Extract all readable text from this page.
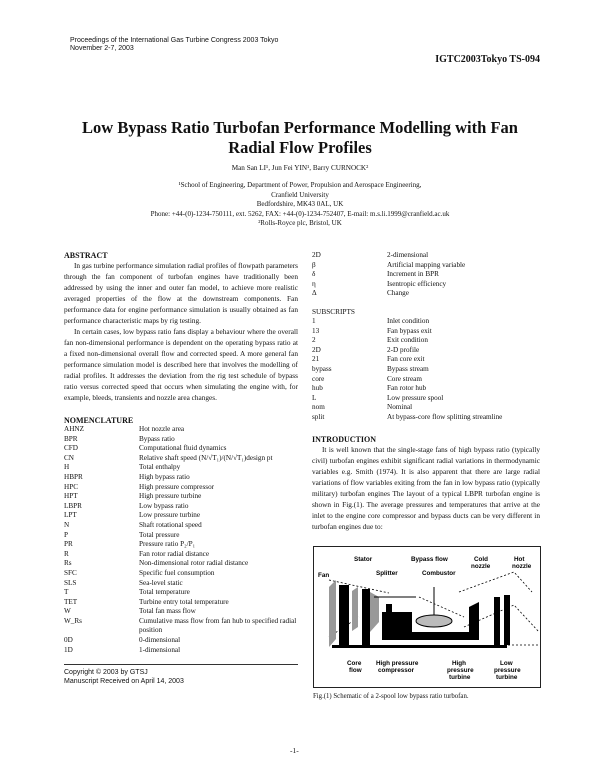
Proceedings of the International Gas Turbine Congress 2003 Tokyo
November 2-7, 2003
IGTC2003Tokyo TS-094
Low Bypass Ratio Turbofan Performance Modelling with Fan Radial Flow Profiles
Man San LI¹, Jun Fei YIN¹, Barry CURNOCK²
¹School of Engineering, Department of Power, Propulsion and Aerospace Engineering,
Cranfield University
Bedfordshire, MK43 0AL, UK
Phone: +44-(0)-1234-750111, ext. 5262, FAX: +44-(0)-1234-752407, E-mail: m.s.li.1999@cranfield.ac.uk
²Rolls-Royce plc, Bristol, UK

ABSTRACT

In gas turbine performance simulation radial profiles of flowpath parameters through the fan component of turbofan engines have traditionally been addressed by using the inner and outer fan model, to achieve more realistic averaged properties of the flow at the downstream components. Fan performance data for engine performance simulation is usually obtained as fan performance characteristic maps by rig testing.

In certain cases, low bypass ratio fans display a behaviour where the overall fan non-dimensional performance is dependent on the operating bypass ratio at a fixed non-dimensional overall flow and corrected speed. A more general fan performance simulation model is described here that involves the modelling of radial profiles. It addresses the deviation from the rig test schedule of bypass ratio versus corrected speed that occurs when simulating the engine with, for example, bleeds, transients and nozzle area changes.

NOMENCLATURE

AHNZ	Hot nozzle area
BPR	Bypass ratio
CFD	Computational fluid dynamics
CN	Relative shaft speed (N/√T₁)/(N/√T₁)design pt
H	Total enthalpy
HBPR	High bypass ratio
HPC	High pressure compressor
HPT	High pressure turbine
LBPR	Low bypass ratio
LPT	Low pressure turbine
N	Shaft rotational speed
P	Total pressure
PR	Pressure ratio P₂/P₁
R	Fan rotor radial distance
Rs	Non-dimensional rotor radial distance
SFC	Specific fuel consumption
SLS	Sea-level static
T	Total temperature
TET	Turbine entry total temperature
W	Total fan mass flow
W_Rs	Cumulative mass flow from fan hub to specified radial position
0D	0-dimensional
1D	1-dimensional
Copyright © 2003 by GTSJ
Manuscript Received on April 14, 2003
2D	2-dimensional
β	Artificial mapping variable
δ	Increment in BPR
η	Isentropic efficiency
Δ	Change
SUBSCRIPTS
1	Inlet condition
13	Fan bypass exit
2	Exit condition
2D	2-D profile
21	Fan core exit
bypass	Bypass stream
core	Core stream
hub	Fan rotor hub
L	Low pressure spool
nom	Nominal
split	At bypass-core flow splitting streamline

INTRODUCTION

It is well known that the single-stage fans of high bypass ratio (typically civil) turbofan engines exhibit significant radial variations in thermodynamic variables e.g. Smith (1974). It is also apparent that there are large radial variations of flow variables exiting from the fan in low bypass ratio (typically military) turbofan engines The layout of a typical LBPR turbofan engine is shown in Fig.(1). The average pressures and temperatures that arrive at the inlet to the engine core compressor and bypass ducts can be very different in turbofan engines due to:

Fan
Stator	Bypass flow	Cold
nozzle
Hot
nozzle
Splitter	Combustor
Core
flow
High pressure
compressor
High
pressure
turbine
Low
pressure
turbine
Fig.(1) Schematic of a 2-spool low bypass ratio turbofan.
-1-
